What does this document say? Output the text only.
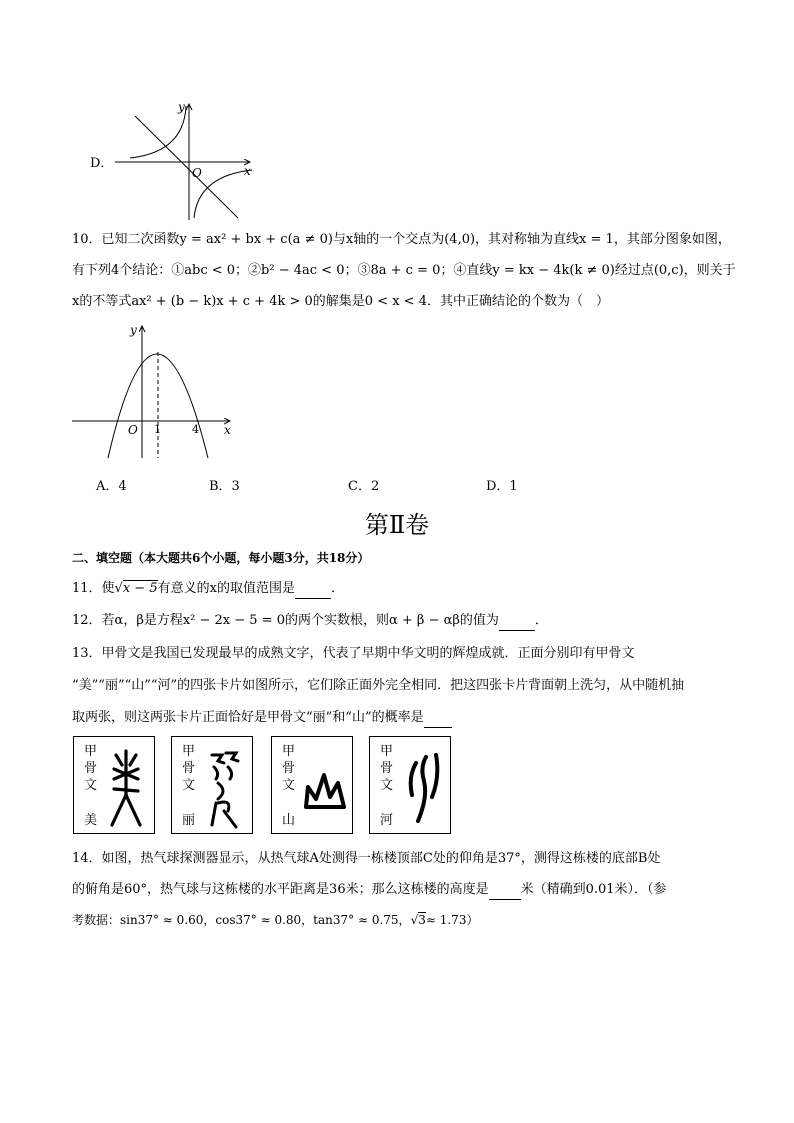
D．
y
x
O
10．已知二次函数y = ax² + bx + c(a ≠ 0)与x轴的一个交点为(4,0)，其对称轴为直线x = 1，其部分图象如图，
有下列4个结论：①abc < 0；②b² − 4ac < 0；③8a + c = 0；④直线y = kx − 4k(k ≠ 0)经过点(0,c)，则关于
x的不等式ax² + (b − k)x + c + 4k > 0的解集是0 < x < 4．其中正确结论的个数为（　）
y
x
O 1	4
A．4	B．3	C．2	D．1
第Ⅱ卷
二、填空题（本大题共6个小题，每小题3分，共18分）
11．使√x − 5有意义的x的取值范围是	．
12．若α，β是方程x² − 2x − 5 = 0的两个实数根，则α + β − αβ的值为	．
13．甲骨文是我国已发现最早的成熟文字，代表了早期中华文明的辉煌成就．正面分别印有甲骨文
“美”“丽”“山”“河”的四张卡片如图所示，它们除正面外完全相同．把这四张卡片背面朝上洗匀，从中随机抽
取两张，则这两张卡片正面恰好是甲骨文“丽”和“山”的概率是
甲骨文
美
甲骨文
丽
甲骨文
山
甲骨文
河
14．如图，热气球探测器显示，从热气球A处测得一栋楼顶部C处的仰角是37°，测得这栋楼的底部B处
的俯角是60°，热气球与这栋楼的水平距离是36米；那么这栋楼的高度是 米（精确到0.01米）．（参
考数据：sin37° ≈ 0.60，cos37° ≈ 0.80，tan37° ≈ 0.75，√3≈ 1.73）
